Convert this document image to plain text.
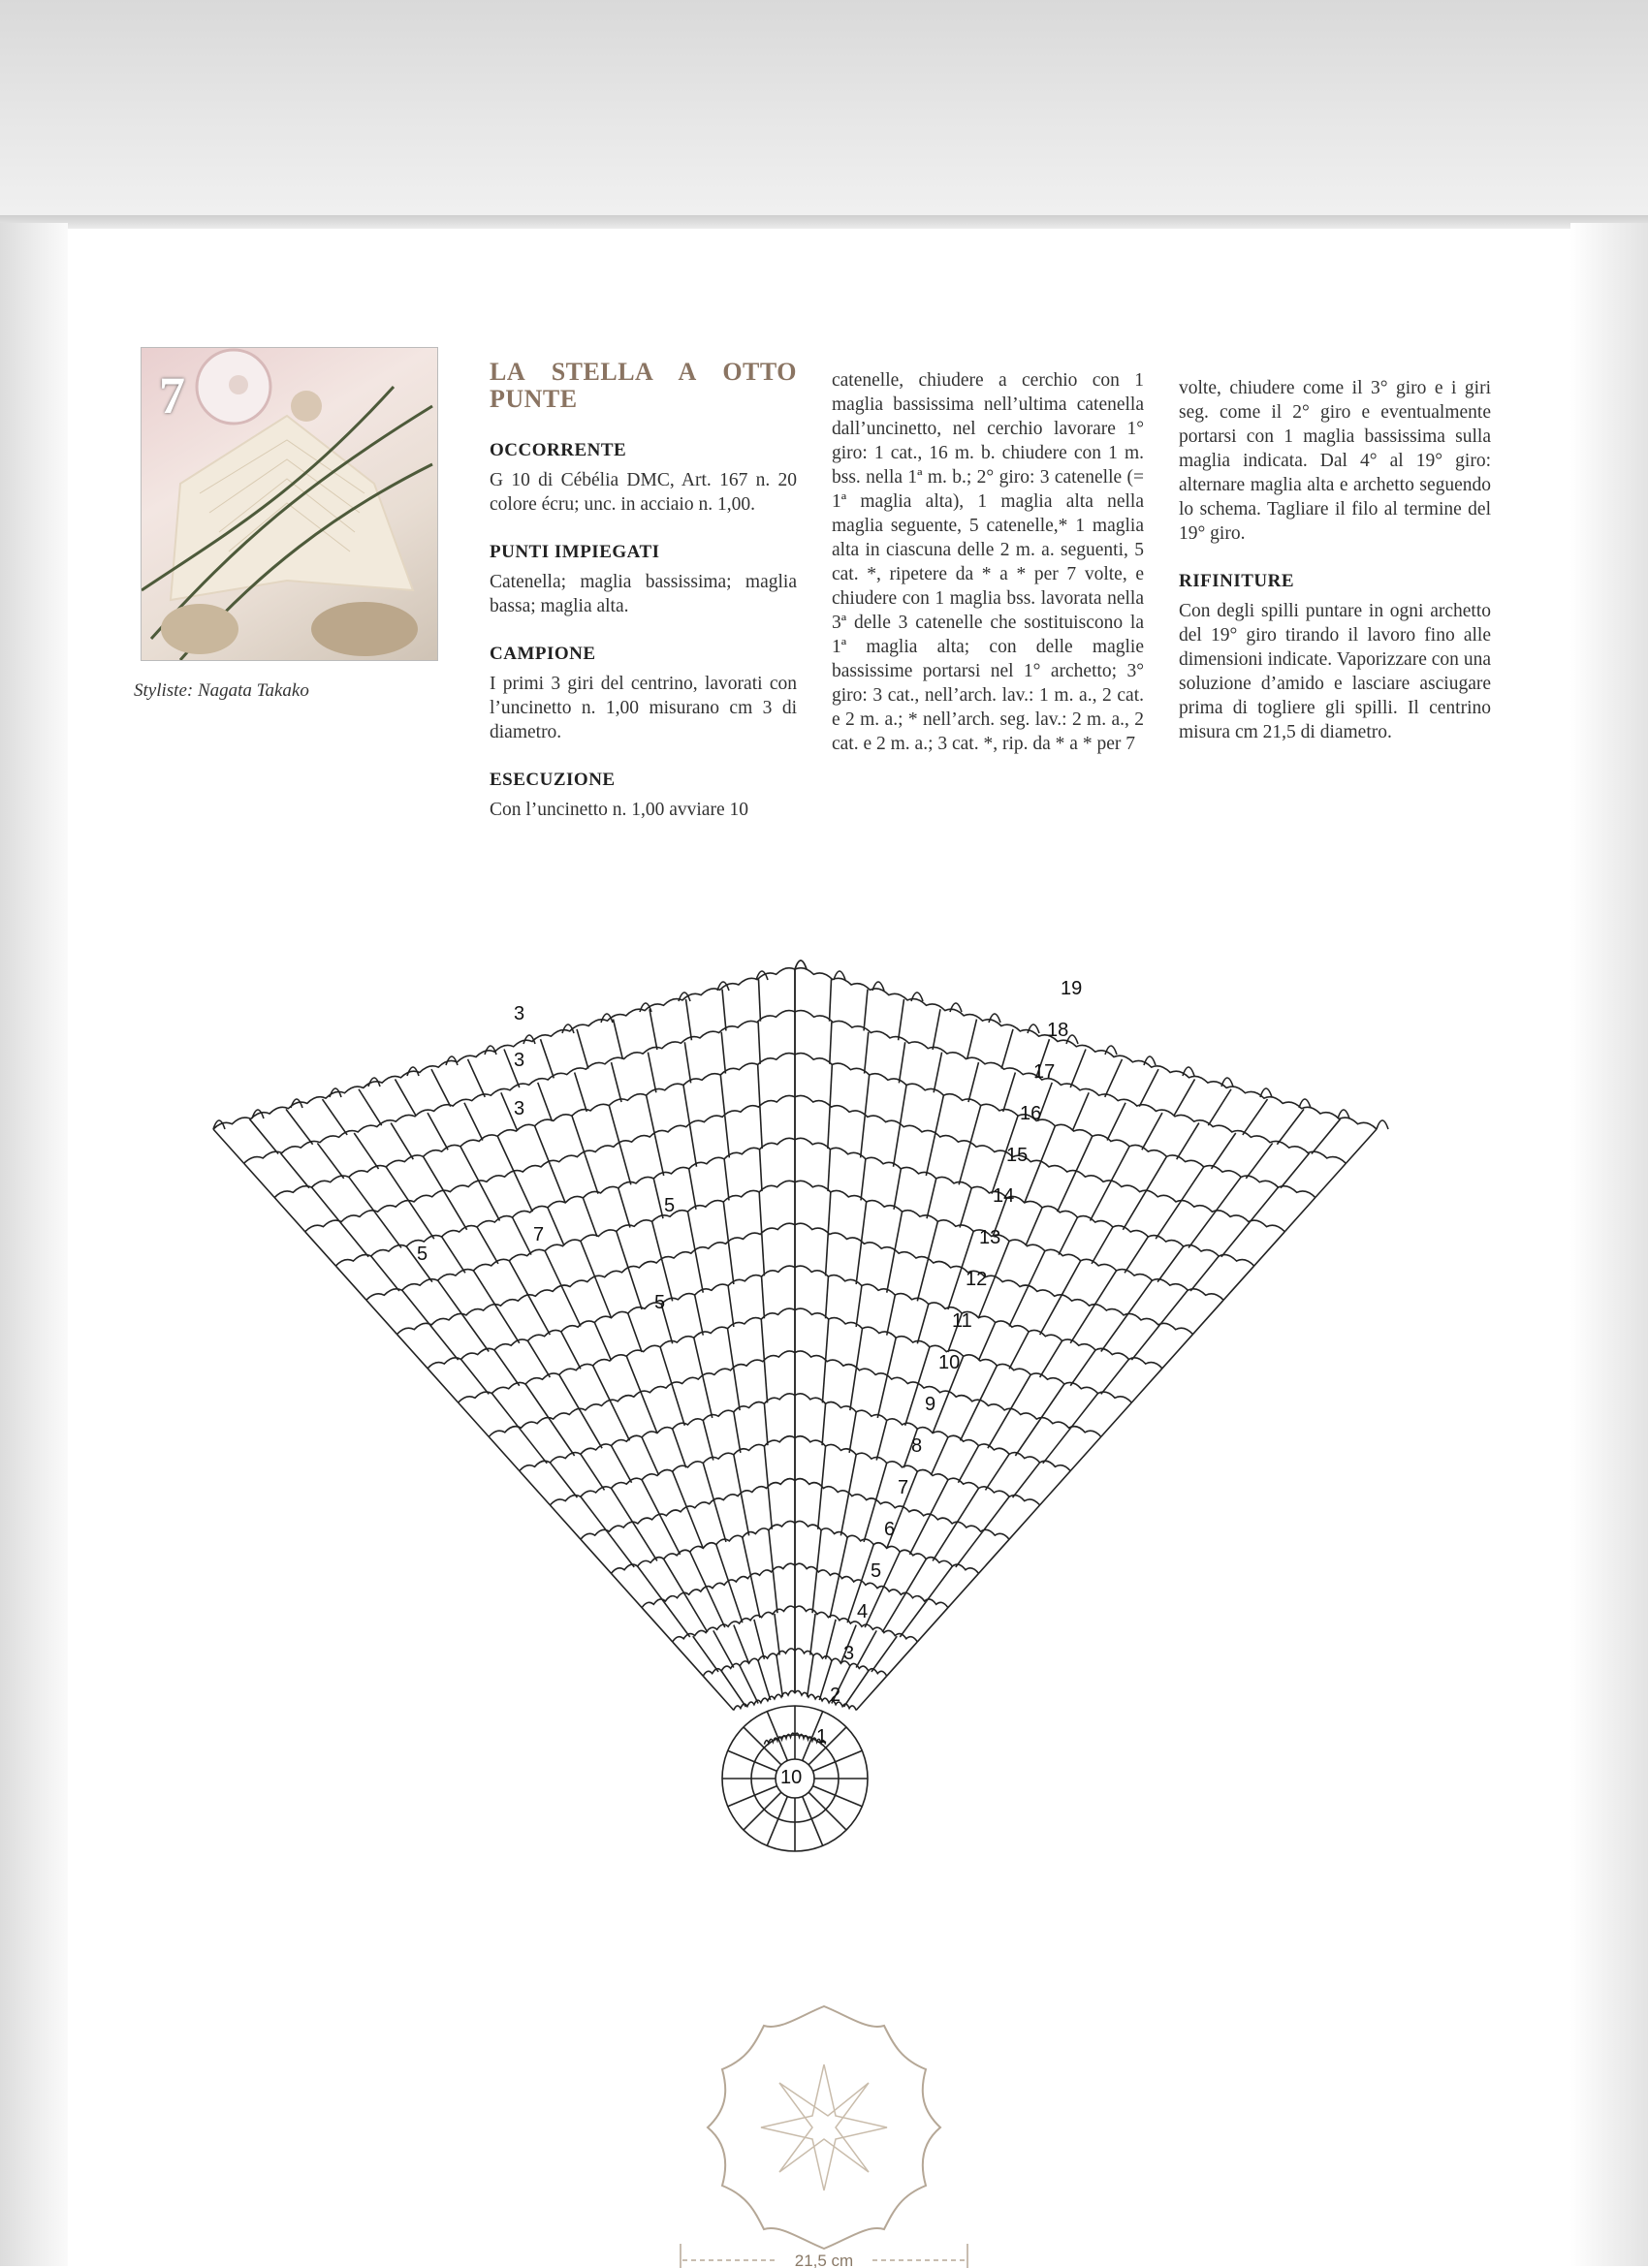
7
Styliste: Nagata Takako
LA STELLA A OTTO PUNTE
OCCORRENTE

G 10 di Cébélia DMC, Art. 167 n. 20 colore écru; unc. in acciaio n. 1,00.

PUNTI IMPIEGATI

Catenella; maglia bassissima; maglia bassa; maglia alta.

CAMPIONE

I primi 3 giri del centrino, lavorati con l’uncinetto n. 1,00 misurano cm 3 di diametro.

ESECUZIONE

Con l’uncinetto n. 1,00 avviare 10

catenelle, chiudere a cerchio con 1 maglia bassissima nell’ultima catenella dall’uncinetto, nel cerchio lavorare 1° giro: 1 cat., 16 m. b. chiudere con 1 m. bss. nella 1ª m. b.; 2° giro: 3 catenelle (= 1ª maglia alta), 1 maglia alta nella maglia seguente, 5 catenelle,* 1 maglia alta in ciascuna delle 2 m. a. seguenti, 5 cat. *, ripetere da * a * per 7 volte, e chiudere con 1 maglia bss. lavorata nella 3ª delle 3 catenelle che sostituiscono la 1ª maglia alta; con delle maglie bassissime portarsi nel 1° archetto; 3° giro: 3 cat., nell’arch. lav.: 1 m. a., 2 cat. e 2 m. a.; * nell’arch. seg. lav.: 2 m. a., 2 cat. e 2 m. a.; 3 cat. *, rip. da * a * per 7

volte, chiudere come il 3° giro e i giri seg. come il 2° giro e eventualmente portarsi con 1 maglia bassissima sulla maglia indicata. Dal 4° al 19° giro: alternare maglia alta e archetto seguendo lo schema. Tagliare il filo al termine del 19° giro.

RIFINITURE

Con degli spilli puntare in ogni archetto del 19° giro tirando il lavoro fino alle dimensioni indicate. Vaporizzare con una soluzione d’amido e lasciare asciugare prima di togliere gli spilli. Il centrino misura cm 21,5 di diametro.

1
2
3
4
5
6
7
8
9
10
11
12
13
14
15
16
17
18
19
3
3
3
5
5
5
7
10
21,5 cm
